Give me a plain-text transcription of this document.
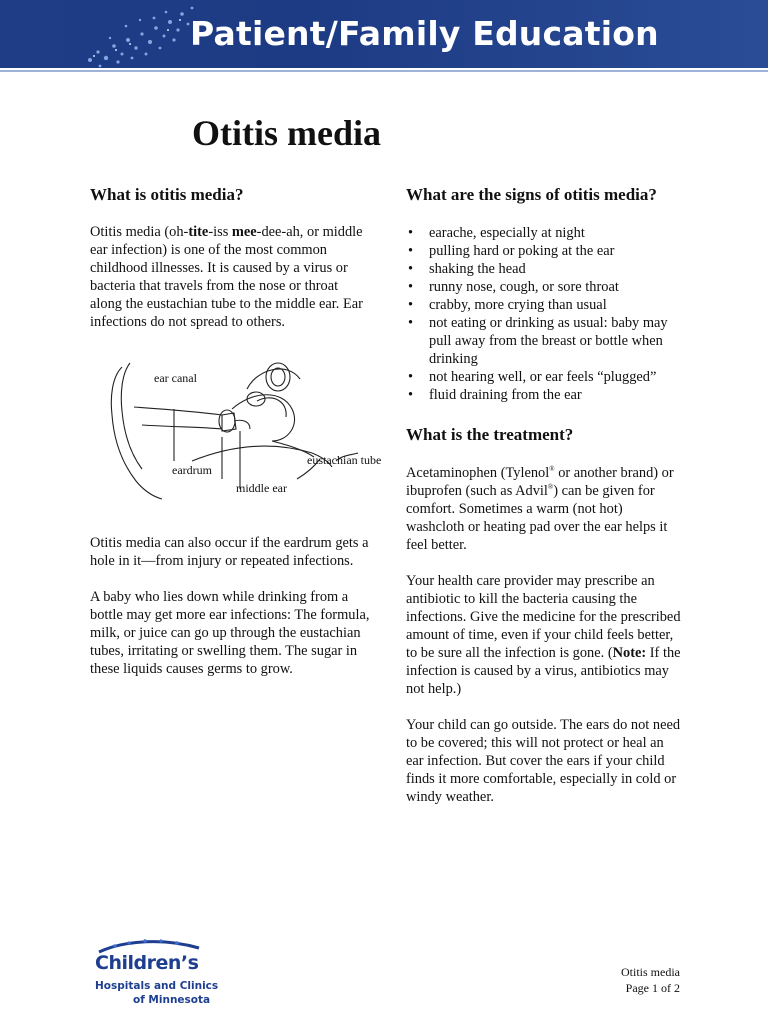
Patient/Family Education
Otitis media
What is otitis media?

Otitis media (oh-tite-iss mee-dee-ah, or middle ear infection) is one of the most common childhood illnesses. It is caused by a virus or bacteria that travels from the nose or throat along the eustachian tube to the middle ear. Ear infections do not spread to others.

ear canal
eardrum
middle ear
eustachian tube

Otitis media can also occur if the eardrum gets a hole in it—from injury or repeated infections.

A baby who lies down while drinking from a bottle may get more ear infections: The formula, milk, or juice can go up through the eustachian tubes, irritating or swelling them. The sugar in these liquids causes germs to grow.

What are the signs of otitis media?
• earache, especially at night
• pulling hard or poking at the ear
• shaking the head
• runny nose, cough, or sore throat
• crabby, more crying than usual
• not eating or drinking as usual: baby may pull away from the breast or bottle when drinking
• not hearing well, or ear feels “plugged”
• fluid draining from the ear
What is the treatment?

Acetaminophen (Tylenol® or another brand) or ibuprofen (such as Advil®) can be given for comfort. Sometimes a warm (not hot) washcloth or heating pad over the ear helps it feel better.

Your health care provider may prescribe an antibiotic to kill the bacteria causing the infections. Give the medicine for the prescribed amount of time, even if your child feels better, to be sure all the infection is gone. (Note: If the infection is caused by a virus, antibiotics may not help.)

Your child can go outside. The ears do not need to be covered; this will not protect or heal an ear infection. But cover the ears if your child finds it more comfortable, especially in cold or windy weather.

Children’s
Hospitals and Clinics
of Minnesota
Otitis media
Page 1 of 2
